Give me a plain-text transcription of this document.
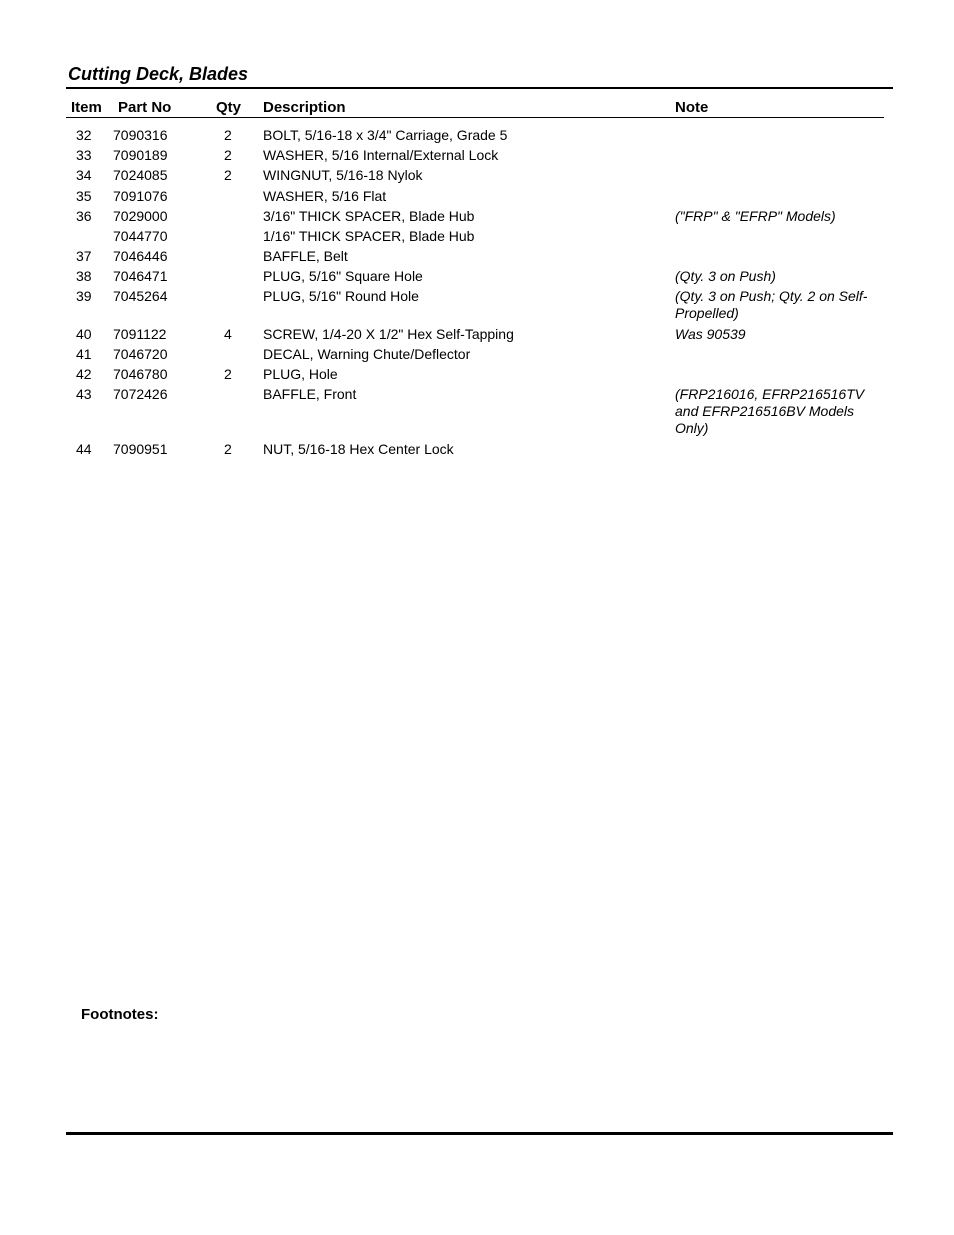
Cutting Deck, Blades
Item Part No	Qty Description	Note
32 7090316	2 BOLT, 5/16-18 x 3/4" Carriage, Grade 5
33 7090189	2 WASHER, 5/16 Internal/External Lock
34 7024085	2 WINGNUT, 5/16-18 Nylok
35 7091076	WASHER, 5/16 Flat
36 7029000	3/16" THICK SPACER, Blade Hub	("FRP" & "EFRP" Models)
7044770	1/16" THICK SPACER, Blade Hub
37 7046446	BAFFLE, Belt
38 7046471	PLUG, 5/16" Square Hole	(Qty. 3 on Push)
39 7045264	PLUG, 5/16" Round Hole	(Qty. 3 on Push; Qty. 2 on Self-Propelled)
40 7091122	4 SCREW, 1/4-20 X 1/2" Hex Self-Tapping	Was 90539
41 7046720	DECAL, Warning Chute/Deflector
42 7046780	2 PLUG, Hole
43 7072426	BAFFLE, Front	(FRP216016, EFRP216516TV and EFRP216516BV Models Only)
44 7090951	2 NUT, 5/16-18 Hex Center Lock
Footnotes:
